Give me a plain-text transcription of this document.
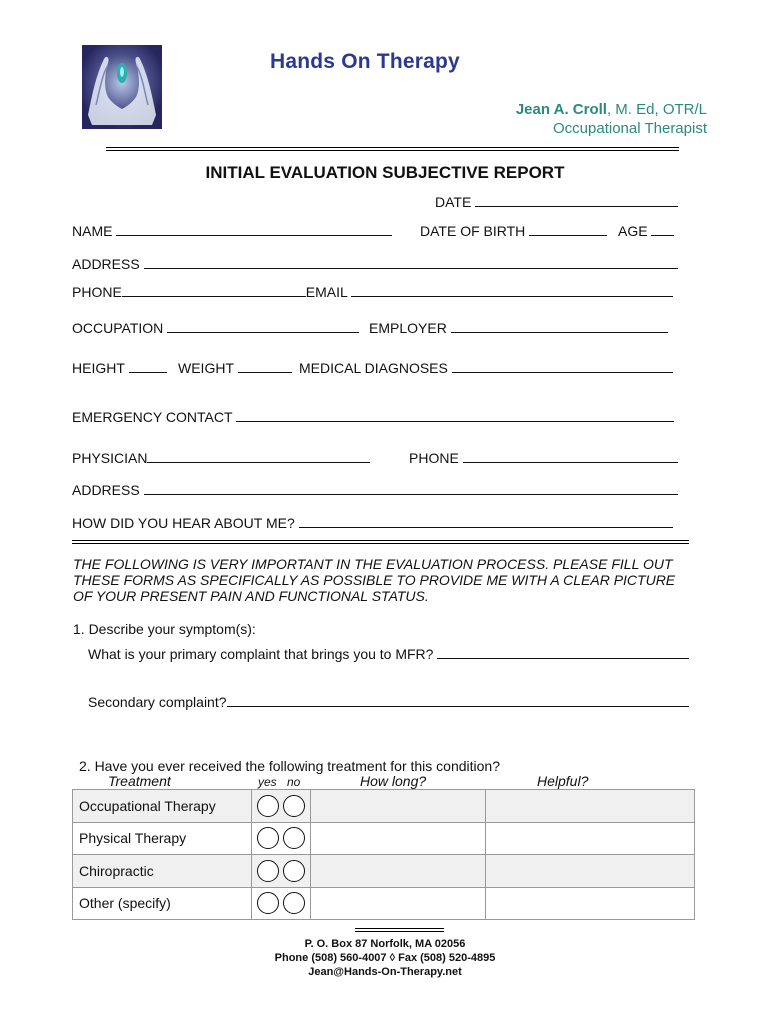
Hands On Therapy
Jean A. Croll, M. Ed, OTR/L
Occupational Therapist
INITIAL EVALUATION SUBJECTIVE REPORT
DATE
NAME	DATE OF BIRTH	AGE
ADDRESS
PHONE	EMAIL
OCCUPATION	EMPLOYER
HEIGHT	WEIGHT	MEDICAL DIAGNOSES
EMERGENCY CONTACT
PHYSICIAN	PHONE
ADDRESS
HOW DID YOU HEAR ABOUT ME?
THE FOLLOWING IS VERY IMPORTANT IN THE EVALUATION PROCESS. PLEASE FILL OUT
THESE FORMS AS SPECIFICALLY AS POSSIBLE TO PROVIDE ME WITH A CLEAR PICTURE
OF YOUR PRESENT PAIN AND FUNCTIONAL STATUS.
1. Describe your symptom(s):
What is your primary complaint that brings you to MFR?
Secondary complaint?
2. Have you ever received the following treatment for this condition?
Treatment	yes no	How long?	Helpful?
Occupational Therapy			
Physical Therapy			
Chiropractic			
Other (specify)			
P. O. Box 87 Norfolk, MA 02056
Phone (508) 560-4007 ◊ Fax (508) 520-4895
Jean@Hands-On-Therapy.net
